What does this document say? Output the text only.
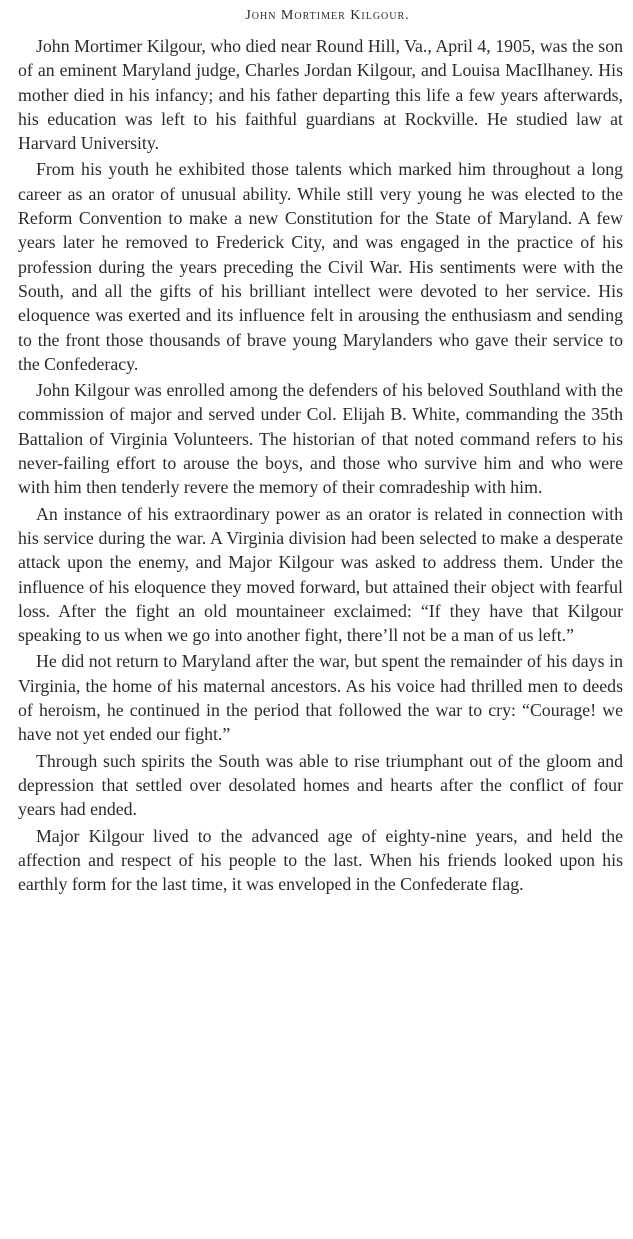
John Mortimer Kilgour.

John Mortimer Kilgour, who died near Round Hill, Va., April 4, 1905, was the son of an eminent Maryland judge, Charles Jordan Kilgour, and Louisa MacIlhaney. His mother died in his infancy; and his father departing this life a few years afterwards, his education was left to his faithful guardians at Rockville. He studied law at Harvard University.

From his youth he exhibited those talents which marked him throughout a long career as an orator of unusual ability. While still very young he was elected to the Reform Convention to make a new Constitution for the State of Maryland. A few years later he removed to Frederick City, and was engaged in the practice of his profession during the years preceding the Civil War. His sentiments were with the South, and all the gifts of his brilliant intellect were devoted to her service. His eloquence was exerted and its influence felt in arousing the enthusiasm and sending to the front those thousands of brave young Marylanders who gave their service to the Confederacy.

John Kilgour was enrolled among the defenders of his beloved Southland with the commission of major and served under Col. Elijah B. White, commanding the 35th Battalion of Virginia Volunteers. The historian of that noted command refers to his never-failing effort to arouse the boys, and those who survive him and who were with him then tenderly revere the memory of their comradeship with him.

An instance of his extraordinary power as an orator is related in connection with his service during the war. A Virginia division had been selected to make a desperate attack upon the enemy, and Major Kilgour was asked to address them. Under the influence of his eloquence they moved forward, but attained their object with fearful loss. After the fight an old mountaineer exclaimed: “If they have that Kilgour speaking to us when we go into another fight, there’ll not be a man of us left.”

He did not return to Maryland after the war, but spent the remainder of his days in Virginia, the home of his maternal ancestors. As his voice had thrilled men to deeds of heroism, he continued in the period that followed the war to cry: “Courage! we have not yet ended our fight.”

Through such spirits the South was able to rise triumphant out of the gloom and depression that settled over desolated homes and hearts after the conflict of four years had ended.

Major Kilgour lived to the advanced age of eighty-nine years, and held the affection and respect of his people to the last. When his friends looked upon his earthly form for the last time, it was enveloped in the Confederate flag.
